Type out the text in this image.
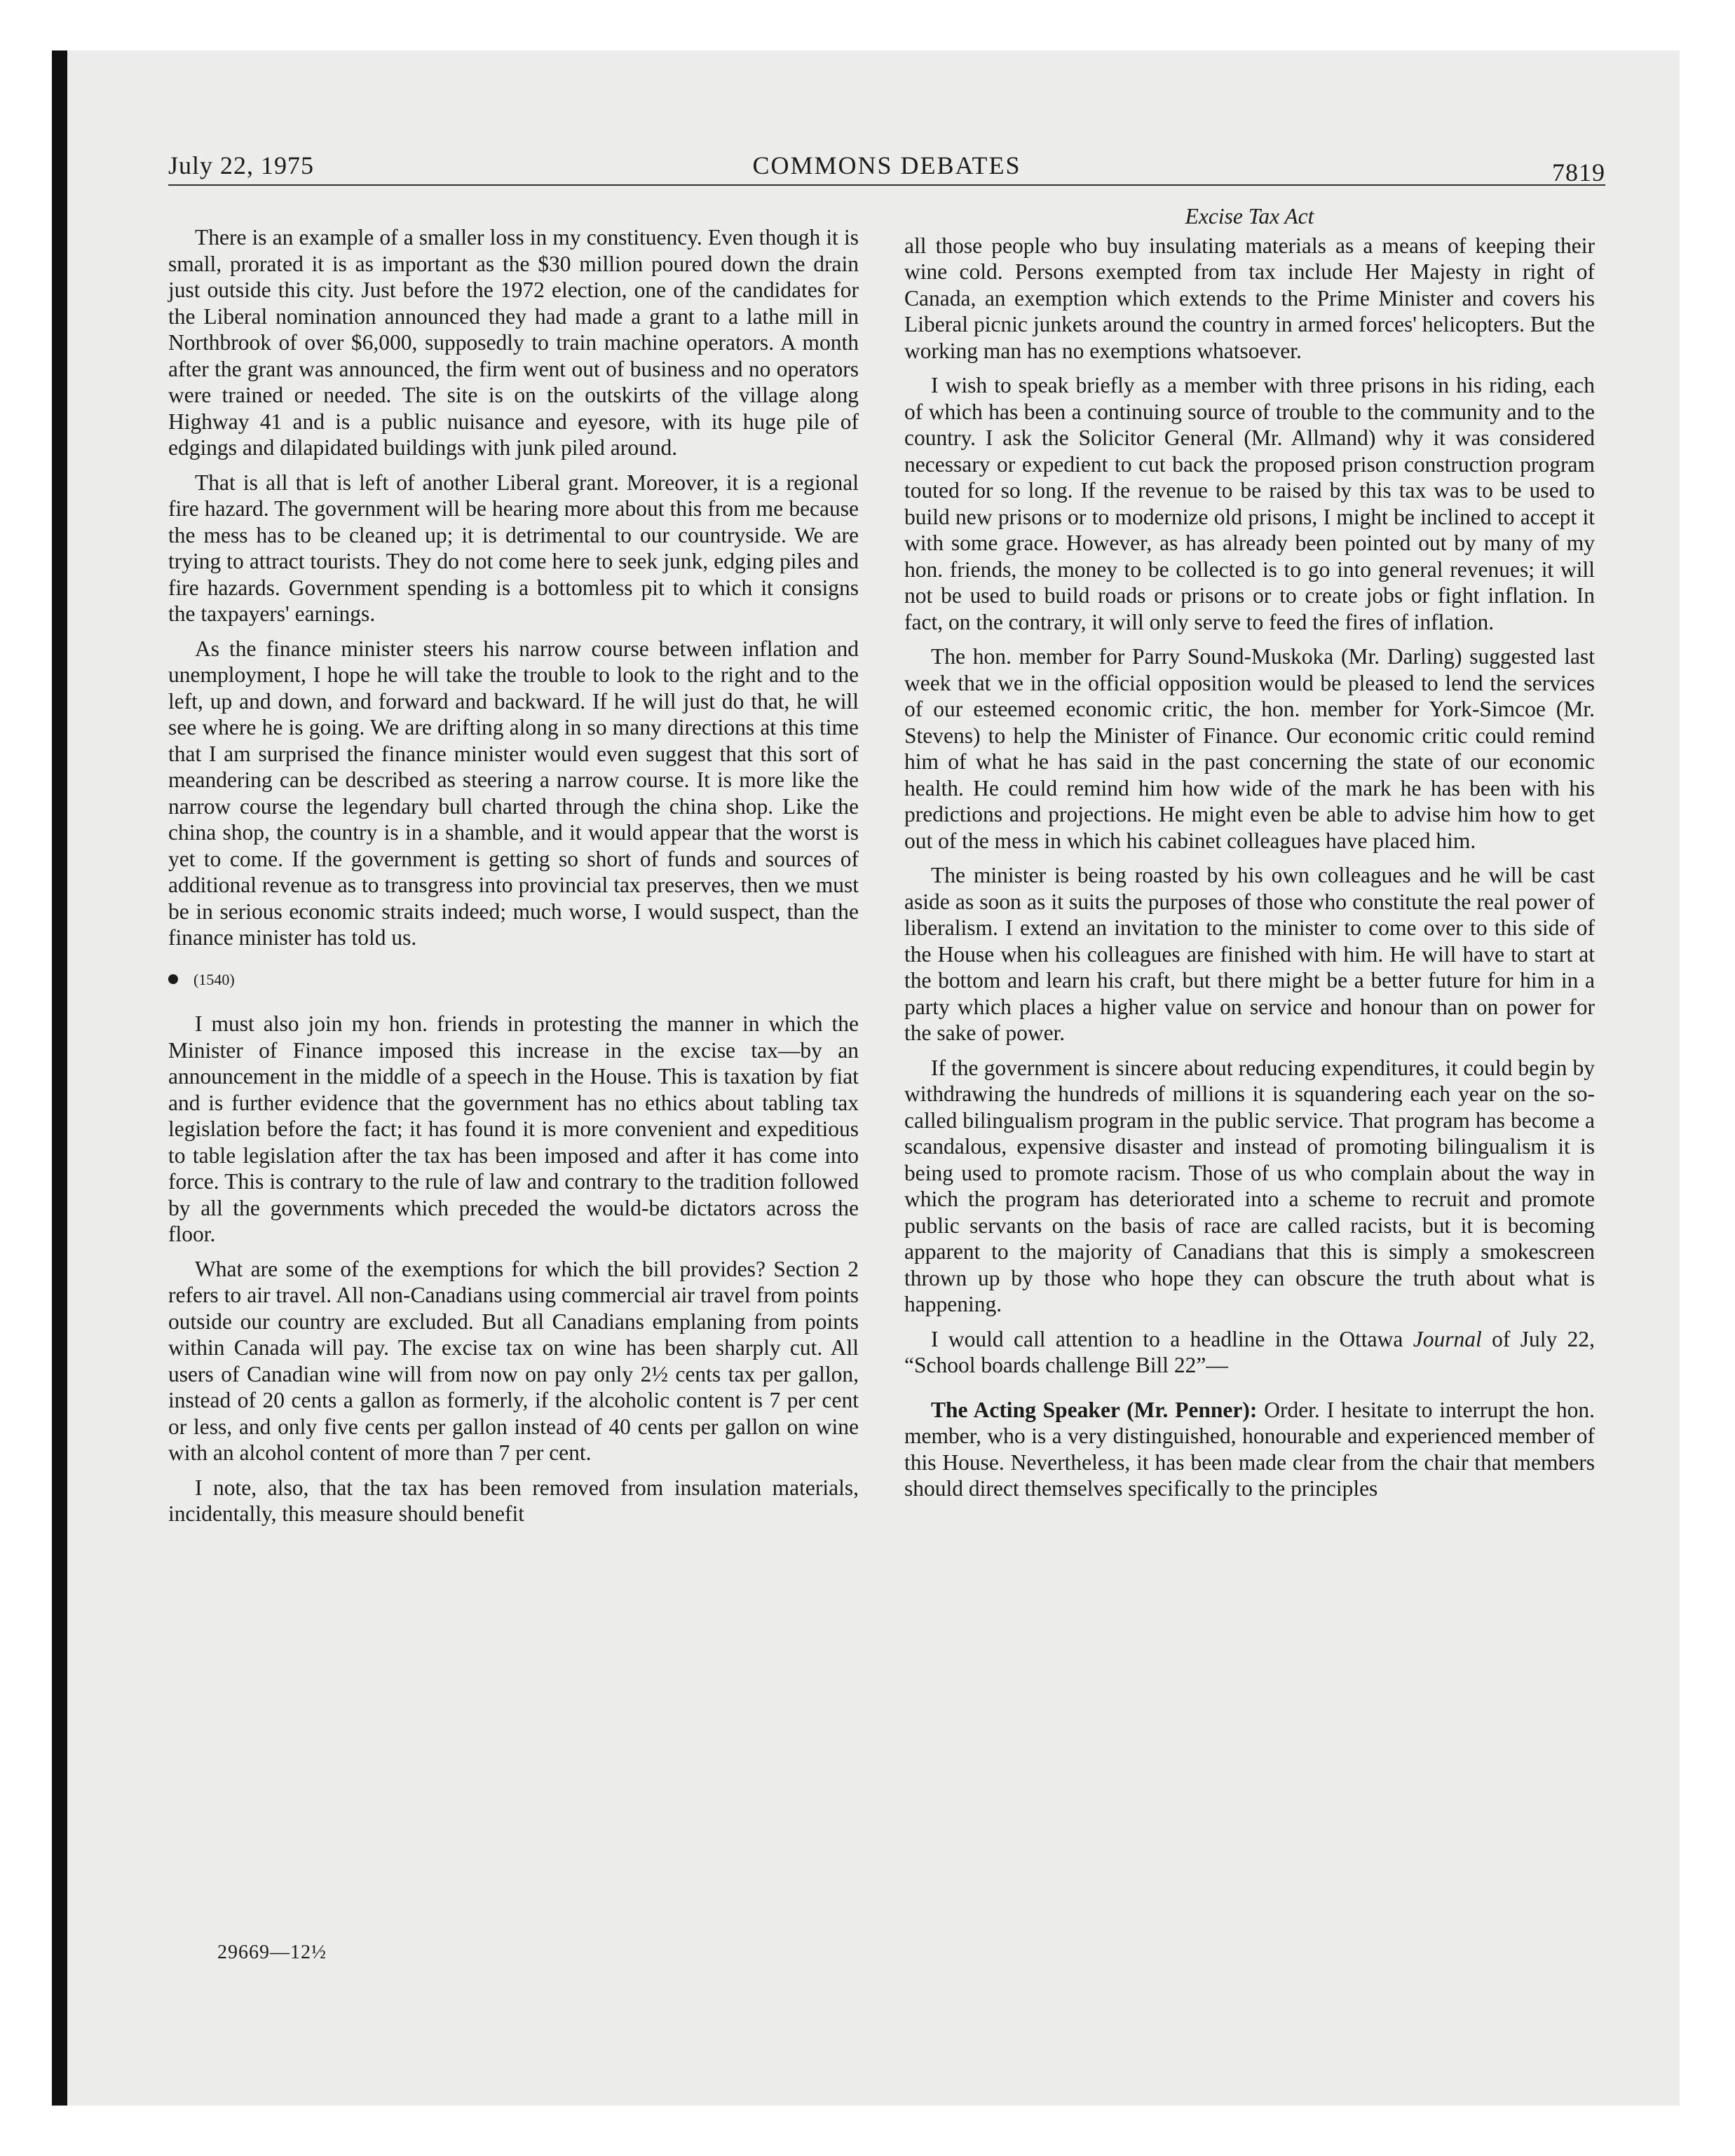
July 22, 1975	COMMONS DEBATES	7819

There is an example of a smaller loss in my constituency. Even though it is small, prorated it is as important as the $30 million poured down the drain just outside this city. Just before the 1972 election, one of the candidates for the Liberal nomination announced they had made a grant to a lathe mill in Northbrook of over $6,000, supposedly to train machine operators. A month after the grant was announced, the firm went out of business and no operators were trained or needed. The site is on the outskirts of the village along Highway 41 and is a public nuisance and eyesore, with its huge pile of edgings and dilapidated buildings with junk piled around.

That is all that is left of another Liberal grant. Moreover, it is a regional fire hazard. The government will be hearing more about this from me because the mess has to be cleaned up; it is detrimental to our countryside. We are trying to attract tourists. They do not come here to seek junk, edging piles and fire hazards. Government spending is a bottomless pit to which it consigns the taxpayers' earnings.

As the finance minister steers his narrow course between inflation and unemployment, I hope he will take the trouble to look to the right and to the left, up and down, and forward and backward. If he will just do that, he will see where he is going. We are drifting along in so many directions at this time that I am surprised the finance minister would even suggest that this sort of meandering can be described as steering a narrow course. It is more like the narrow course the legendary bull charted through the china shop. Like the china shop, the country is in a shamble, and it would appear that the worst is yet to come. If the government is getting so short of funds and sources of additional revenue as to transgress into provincial tax preserves, then we must be in serious economic straits indeed; much worse, I would suspect, than the finance minister has told us.

(1540)

I must also join my hon. friends in protesting the manner in which the Minister of Finance imposed this increase in the excise tax—by an announcement in the middle of a speech in the House. This is taxation by fiat and is further evidence that the government has no ethics about tabling tax legislation before the fact; it has found it is more convenient and expeditious to table legislation after the tax has been imposed and after it has come into force. This is contrary to the rule of law and contrary to the tradition followed by all the governments which preceded the would-be dictators across the floor.

What are some of the exemptions for which the bill provides? Section 2 refers to air travel. All non-Canadians using commercial air travel from points outside our country are excluded. But all Canadians emplaning from points within Canada will pay. The excise tax on wine has been sharply cut. All users of Canadian wine will from now on pay only 2½ cents tax per gallon, instead of 20 cents a gallon as formerly, if the alcoholic content is 7 per cent or less, and only five cents per gallon instead of 40 cents per gallon on wine with an alcohol content of more than 7 per cent.

I note, also, that the tax has been removed from insulation materials, incidentally, this measure should benefit

Excise Tax Act

all those people who buy insulating materials as a means of keeping their wine cold. Persons exempted from tax include Her Majesty in right of Canada, an exemption which extends to the Prime Minister and covers his Liberal picnic junkets around the country in armed forces' helicopters. But the working man has no exemptions whatsoever.

I wish to speak briefly as a member with three prisons in his riding, each of which has been a continuing source of trouble to the community and to the country. I ask the Solicitor General (Mr. Allmand) why it was considered necessary or expedient to cut back the proposed prison construction program touted for so long. If the revenue to be raised by this tax was to be used to build new prisons or to modernize old prisons, I might be inclined to accept it with some grace. However, as has already been pointed out by many of my hon. friends, the money to be collected is to go into general revenues; it will not be used to build roads or prisons or to create jobs or fight inflation. In fact, on the contrary, it will only serve to feed the fires of inflation.

The hon. member for Parry Sound-Muskoka (Mr. Darling) suggested last week that we in the official opposition would be pleased to lend the services of our esteemed economic critic, the hon. member for York-Simcoe (Mr. Stevens) to help the Minister of Finance. Our economic critic could remind him of what he has said in the past concerning the state of our economic health. He could remind him how wide of the mark he has been with his predictions and projections. He might even be able to advise him how to get out of the mess in which his cabinet colleagues have placed him.

The minister is being roasted by his own colleagues and he will be cast aside as soon as it suits the purposes of those who constitute the real power of liberalism. I extend an invitation to the minister to come over to this side of the House when his colleagues are finished with him. He will have to start at the bottom and learn his craft, but there might be a better future for him in a party which places a higher value on service and honour than on power for the sake of power.

If the government is sincere about reducing expenditures, it could begin by withdrawing the hundreds of millions it is squandering each year on the so-called bilingualism program in the public service. That program has become a scandalous, expensive disaster and instead of promoting bilingualism it is being used to promote racism. Those of us who complain about the way in which the program has deteriorated into a scheme to recruit and promote public servants on the basis of race are called racists, but it is becoming apparent to the majority of Canadians that this is simply a smokescreen thrown up by those who hope they can obscure the truth about what is happening.

I would call attention to a headline in the Ottawa Journal of July 22, “School boards challenge Bill 22”—

The Acting Speaker (Mr. Penner): Order. I hesitate to interrupt the hon. member, who is a very distinguished, honourable and experienced member of this House. Nevertheless, it has been made clear from the chair that members should direct themselves specifically to the principles

29669—12½
